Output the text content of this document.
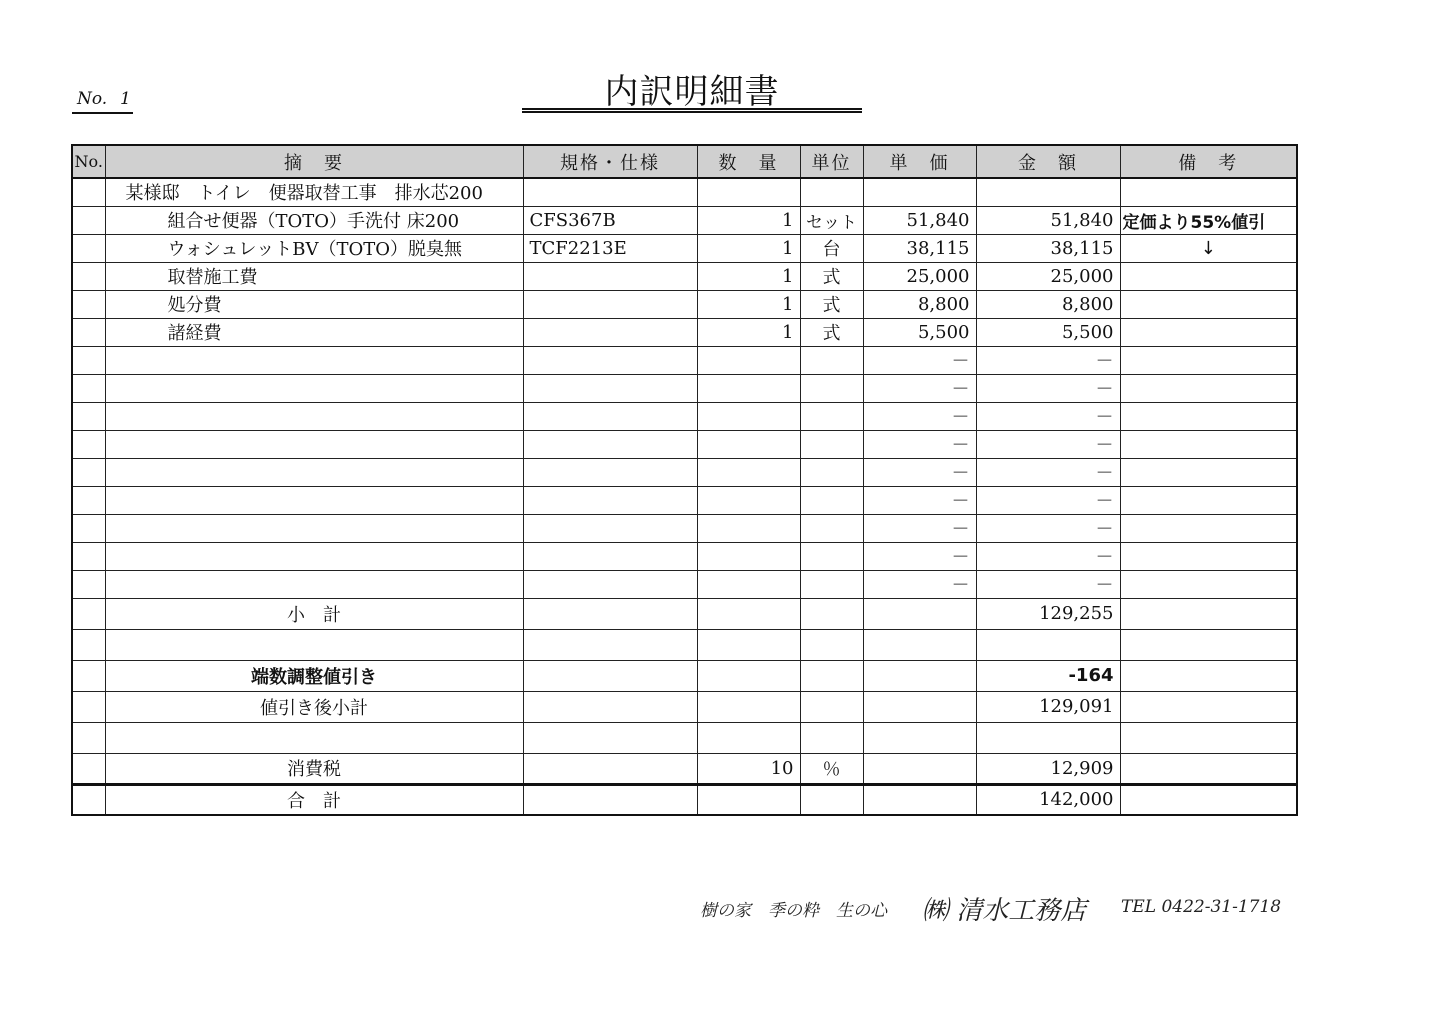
No. 1	内訳明細書
No.	摘　要	規格・仕様	数　量	単位	単　価	金　額	備　考
	某様邸　トイレ　便器取替工事　排水芯200						
	組合せ便器（TOTO）手洗付 床200	CFS367B	1	セット	51,840	51,840	定価より55%値引
	ウォシュレットBV（TOTO）脱臭無	TCF2213E	1	台	38,115	38,115	↓
	取替施工費		1	式	25,000	25,000	
	処分費		1	式	8,800	8,800	
	諸経費		1	式	5,500	5,500	
					－	－	
					－	－	
					－	－	
					－	－	
					－	－	
					－	－	
					－	－	
					－	－	
					－	－	
	小　計					129,255	

	端数調整値引き					-164	
	値引き後小計					129,091	

	消費税		10	％		12,909	
	合　計					142,000	
樹の家　季の粋　生の心 ㈱ 清水工務店 TEL 0422-31-1718
